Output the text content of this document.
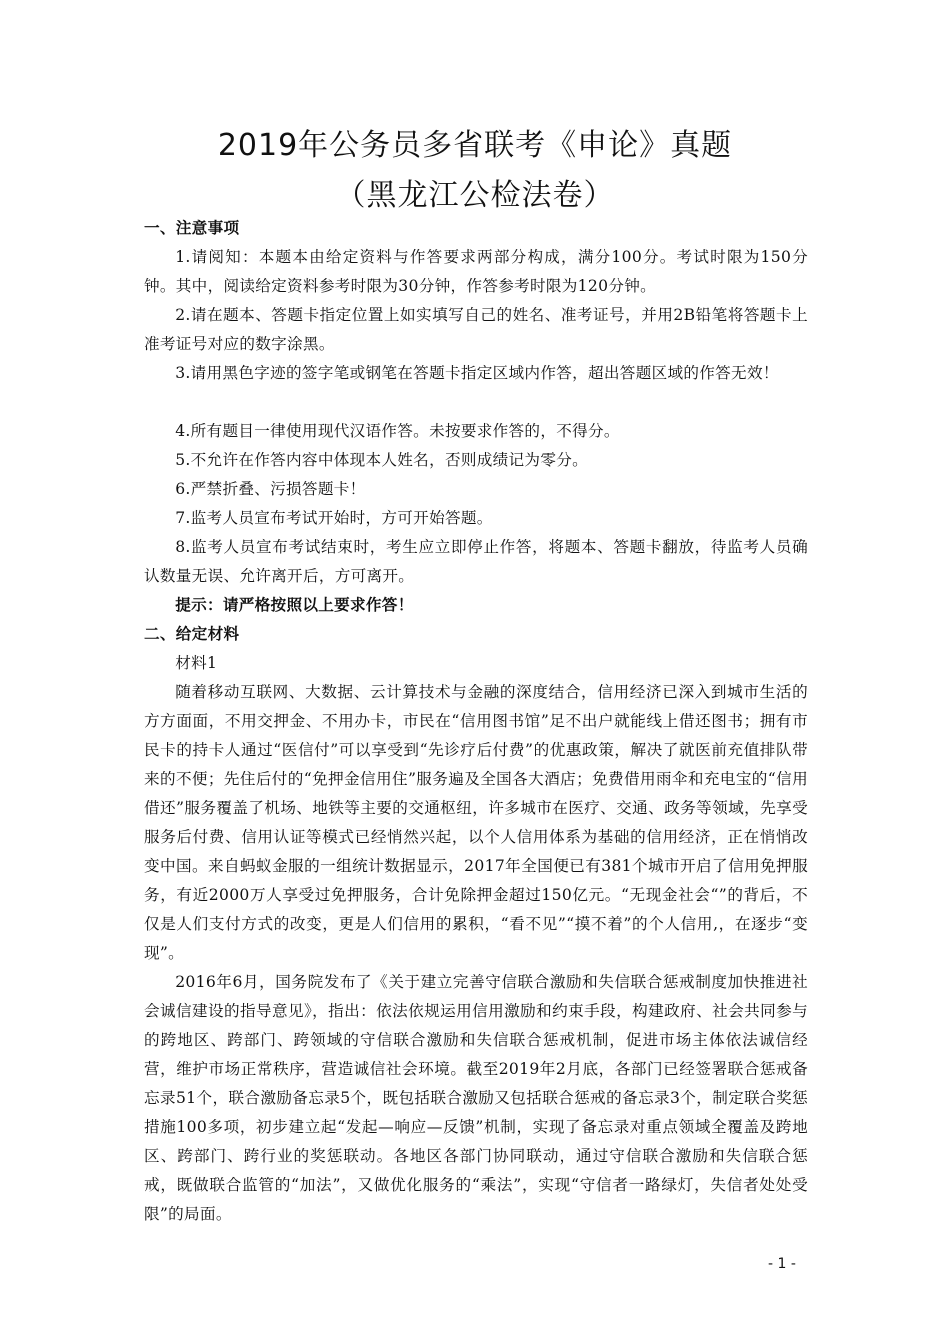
2019年公务员多省联考《申论》真题
（黑龙江公检法卷）

一、注意事项

1.请阅知：本题本由给定资料与作答要求两部分构成，满分100分。考试时限为150分钟。其中，阅读给定资料参考时限为30分钟，作答参考时限为120分钟。

2.请在题本、答题卡指定位置上如实填写自己的姓名、准考证号，并用2B铅笔将答题卡上准考证号对应的数字涂黑。

3.请用黑色字迹的签字笔或钢笔在答题卡指定区域内作答，超出答题区域的作答无效！

4.所有题目一律使用现代汉语作答。未按要求作答的，不得分。

5.不允许在作答内容中体现本人姓名，否则成绩记为零分。

6.严禁折叠、污损答题卡！

7.监考人员宣布考试开始时，方可开始答题。

8.监考人员宣布考试结束时，考生应立即停止作答，将题本、答题卡翻放，待监考人员确认数量无误、允许离开后，方可离开。

提示：请严格按照以上要求作答！

二、给定材料

材料1

随着移动互联网、大数据、云计算技术与金融的深度结合，信用经济已深入到城市生活的方方面面，不用交押金、不用办卡，市民在“信用图书馆”足不出户就能线上借还图书；拥有市民卡的持卡人通过“医信付”可以享受到“先诊疗后付费”的优惠政策，解决了就医前充值排队带来的不便；先住后付的“免押金信用住”服务遍及全国各大酒店；免费借用雨伞和充电宝的“信用借还”服务覆盖了机场、地铁等主要的交通枢纽，许多城市在医疗、交通、政务等领域，先享受服务后付费、信用认证等模式已经悄然兴起，以个人信用体系为基础的信用经济，正在悄悄改变中国。来自蚂蚁金服的一组统计数据显示，2017年全国便已有381个城市开启了信用免押服务，有近2000万人享受过免押服务，合计免除押金超过150亿元。“无现金社会“”的背后，不仅是人们支付方式的改变，更是人们信用的累积，“看不见”“摸不着”的个人信用,，在逐步“变现”。

2016年6月，国务院发布了《关于建立完善守信联合激励和失信联合惩戒制度加快推进社会诚信建设的指导意见》，指出：依法依规运用信用激励和约束手段，构建政府、社会共同参与的跨地区、跨部门、跨领域的守信联合激励和失信联合惩戒机制，促进市场主体依法诚信经营，维护市场正常秩序，营造诚信社会环境。截至2019年2月底，各部门已经签署联合惩戒备忘录51个，联合激励备忘录5个，既包括联合激励又包括联合惩戒的备忘录3个，制定联合奖惩措施100多项，初步建立起“发起—响应—反馈”机制，实现了备忘录对重点领域全覆盖及跨地区、跨部门、跨行业的奖惩联动。各地区各部门协同联动，通过守信联合激励和失信联合惩戒，既做联合监管的“加法”，又做优化服务的“乘法”，实现“守信者一路绿灯，失信者处处受限”的局面。

- 1 -
